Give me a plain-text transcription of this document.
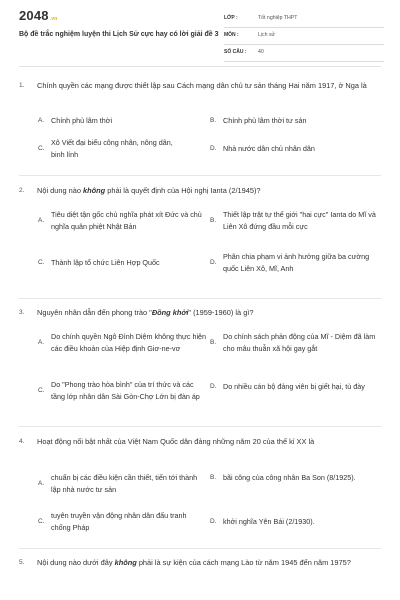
2048.vn
Bộ đề trắc nghiệm luyện thi Lịch Sử cực hay có lời giải đề 3
LỚP :	Tốt nghiệp THPT
MÔN :	Lịch sử
SỐ CÂU : 40
1. Chính quyền các mạng được thiết lập sau Cách mạng dân chủ tư sản tháng Hai năm 1917, ở Nga là
A. Chính phủ lâm thời	B. Chính phủ lâm thời tư sản
C.
Xô Viết đại biểu công nhân, nông dân, binh lính
D. Nhà nước dân chủ nhân dân
2. Nội dung nào không phải là quyết định của Hội nghị Ianta (2/1945)?
A.
Tiêu diệt tận gốc chủ nghĩa phát xít Đức và chủ nghĩa quân phiệt Nhật Bản
B.
Thiết lập trật tự thế giới "hai cực" Ianta do Mĩ và Liên Xô đứng đầu mỗi cực
C. Thành lập tổ chức Liên Hợp Quốc	D.
Phân chia phạm vi ảnh hưởng giữa ba cường quốc Liên Xô, Mĩ, Anh
3. Nguyên nhân dẫn đến phong trào "Đồng khởi" (1959-1960) là gì?
A.
Do chính quyền Ngô Đình Diệm không thực hiện các điều khoản của Hiệp định Giơ-ne-vơ
B.
Do chính sách phản động của Mĩ - Diệm đã làm cho mâu thuẫn xã hội gay gắt
C.
Do "Phong trào hòa bình" của trí thức và các tầng lớp nhân dân Sài Gòn-Chợ Lớn bị đàn áp
D. Do nhiều cán bộ đảng viên bị giết hại, tù đày
4. Hoạt động nổi bật nhất của Việt Nam Quốc dân đảng những năm 20 của thế kỉ XX là
A.
chuẩn bị các điều kiện cần thiết, tiến tới thành lập nhà nước tư sản
B. bãi công của công nhân Ba Son (8/1925).
C.
tuyên truyền vận động nhân dân đấu tranh chống Pháp
D. khởi nghĩa Yên Bái (2/1930).
5. Nội dung nào dưới đây không phải là sự kiện của cách mạng Lào từ năm 1945 đến năm 1975?
